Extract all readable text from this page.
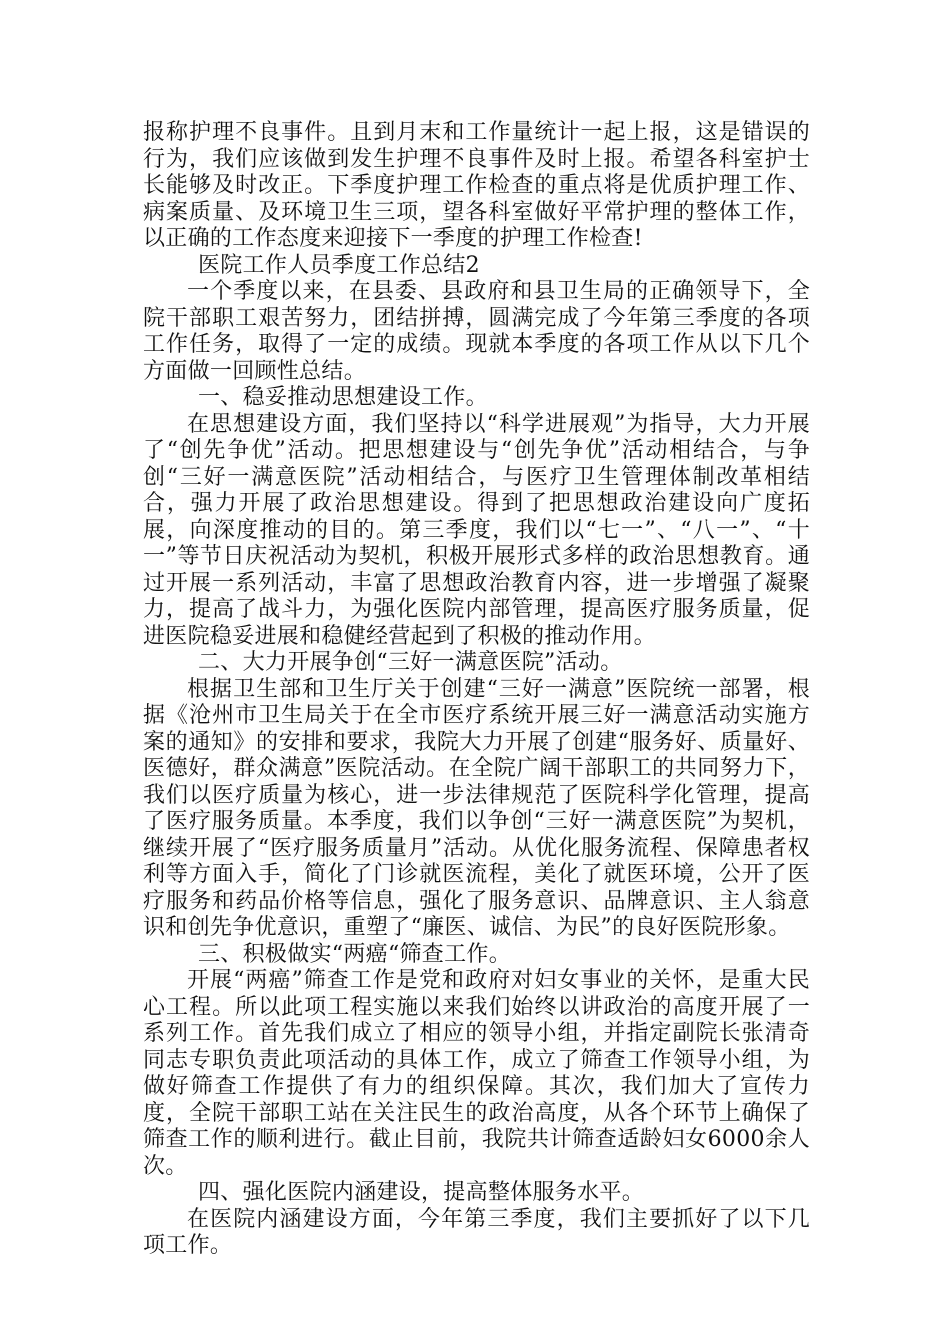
报称护理不良事件。且到月末和工作量统计一起上报，这是错误的行为，我们应该做到发生护理不良事件及时上报。希望各科室护士长能够及时改正。下季度护理工作检查的重点将是优质护理工作、病案质量、及环境卫生三项，望各科室做好平常护理的整体工作，以正确的工作态度来迎接下一季度的护理工作检查!

医院工作人员季度工作总结2

一个季度以来，在县委、县政府和县卫生局的正确领导下，全院干部职工艰苦努力，团结拼搏，圆满完成了今年第三季度的各项工作任务，取得了一定的成绩。现就本季度的各项工作从以下几个方面做一回顾性总结。

一、稳妥推动思想建设工作。

在思想建设方面，我们坚持以“科学进展观”为指导，大力开展了“创先争优”活动。把思想建设与“创先争优”活动相结合，与争创“三好一满意医院”活动相结合，与医疗卫生管理体制改革相结合，强力开展了政治思想建设。得到了把思想政治建设向广度拓展，向深度推动的目的。第三季度，我们以“七一”、“八一”、“十一”等节日庆祝活动为契机，积极开展形式多样的政治思想教育。通过开展一系列活动，丰富了思想政治教育内容，进一步增强了凝聚力，提高了战斗力，为强化医院内部管理，提高医疗服务质量，促进医院稳妥进展和稳健经营起到了积极的推动作用。

二、大力开展争创“三好一满意医院”活动。

根据卫生部和卫生厅关于创建“三好一满意”医院统一部署，根据《沧州市卫生局关于在全市医疗系统开展三好一满意活动实施方案的通知》的安排和要求，我院大力开展了创建“服务好、质量好、医德好，群众满意”医院活动。在全院广阔干部职工的共同努力下，我们以医疗质量为核心，进一步法律规范了医院科学化管理，提高了医疗服务质量。本季度，我们以争创“三好一满意医院”为契机，继续开展了“医疗服务质量月”活动。从优化服务流程、保障患者权利等方面入手，简化了门诊就医流程，美化了就医环境，公开了医疗服务和药品价格等信息，强化了服务意识、品牌意识、主人翁意识和创先争优意识，重塑了“廉医、诚信、为民”的良好医院形象。

三、积极做实“两癌“筛查工作。

开展“两癌”筛查工作是党和政府对妇女事业的关怀，是重大民心工程。所以此项工程实施以来我们始终以讲政治的高度开展了一系列工作。首先我们成立了相应的领导小组，并指定副院长张清奇同志专职负责此项活动的具体工作，成立了筛查工作领导小组，为做好筛查工作提供了有力的组织保障。其次，我们加大了宣传力度，全院干部职工站在关注民生的政治高度，从各个环节上确保了筛查工作的顺利进行。截止目前，我院共计筛查适龄妇女6000余人次。

四、强化医院内涵建设，提高整体服务水平。

在医院内涵建设方面，今年第三季度，我们主要抓好了以下几项工作。
